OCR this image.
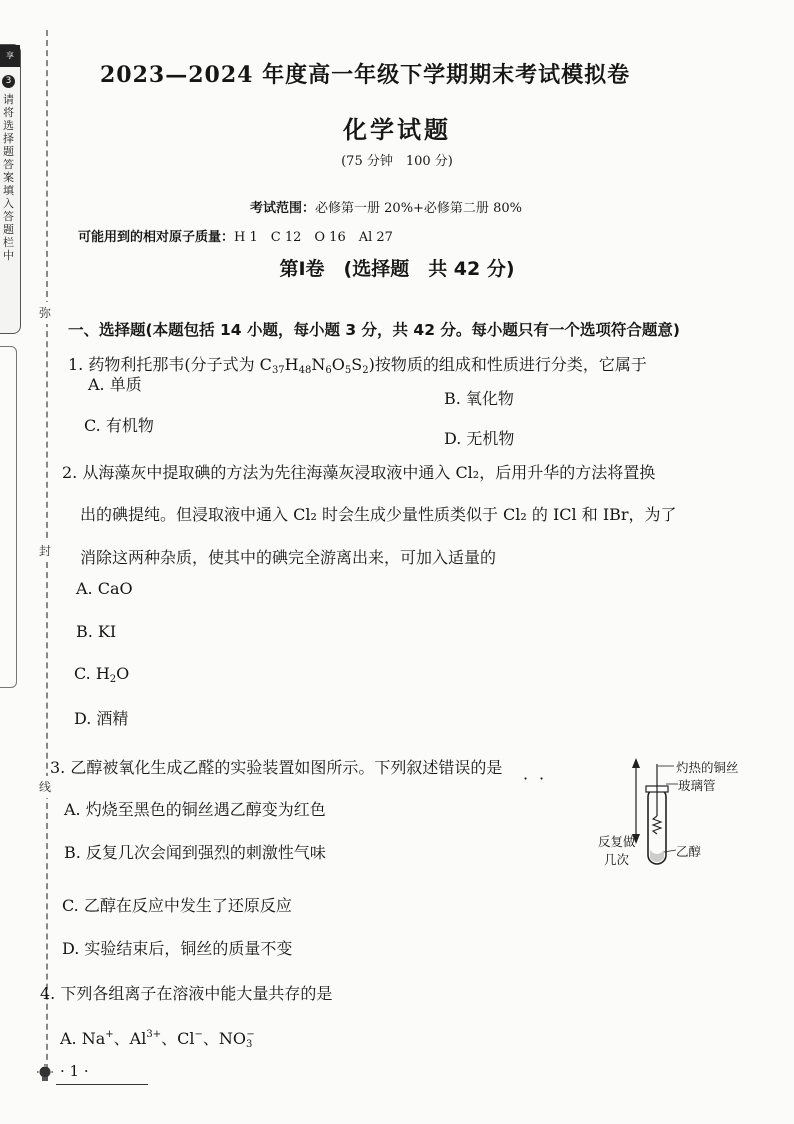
享
3
请将选择题答案填入答题栏中
弥
封
线
2023—2024 年度高一年级下学期期末考试模拟卷
化学试题
(75 分钟　100 分)
考试范围：必修第一册 20%+必修第二册 80%
可能用到的相对原子质量：H 1　C 12　O 16　Al 27
第Ⅰ卷　(选择题　共 42 分)
一、选择题(本题包括 14 小题，每小题 3 分，共 42 分。每小题只有一个选项符合题意)
1. 药物利托那韦(分子式为 $C_{37}H_{48}N_6O_5S_2$)按物质的组成和性质进行分类，它属于
A. 单质
B. 氧化物
C. 有机物
D. 无机物
2. 从海藻灰中提取碘的方法为先往海藻灰浸取液中通入 Cl₂，后用升华的方法将置换
出的碘提纯。但浸取液中通入 Cl₂ 时会生成少量性质类似于 Cl₂ 的 ICl 和 IBr，为了
消除这两种杂质，使其中的碘完全游离出来，可加入适量的
A. CaO
B. KI
C. $H_2O$
D. 酒精
3. 乙醇被氧化生成乙醛的实验装置如图所示。下列叙述错误的是
· ·
A. 灼烧至黑色的铜丝遇乙醇变为红色
B. 反复几次会闻到强烈的刺激性气味
C. 乙醇在反应中发生了还原反应
D. 实验结束后，铜丝的质量不变
灼热的铜丝
玻璃管
反复做
几次
乙醇
4. 下列各组离子在溶液中能大量共存的是
A. Na+、$Al^{3+}$、Cl−、$NO_3^-$
· 1 ·
